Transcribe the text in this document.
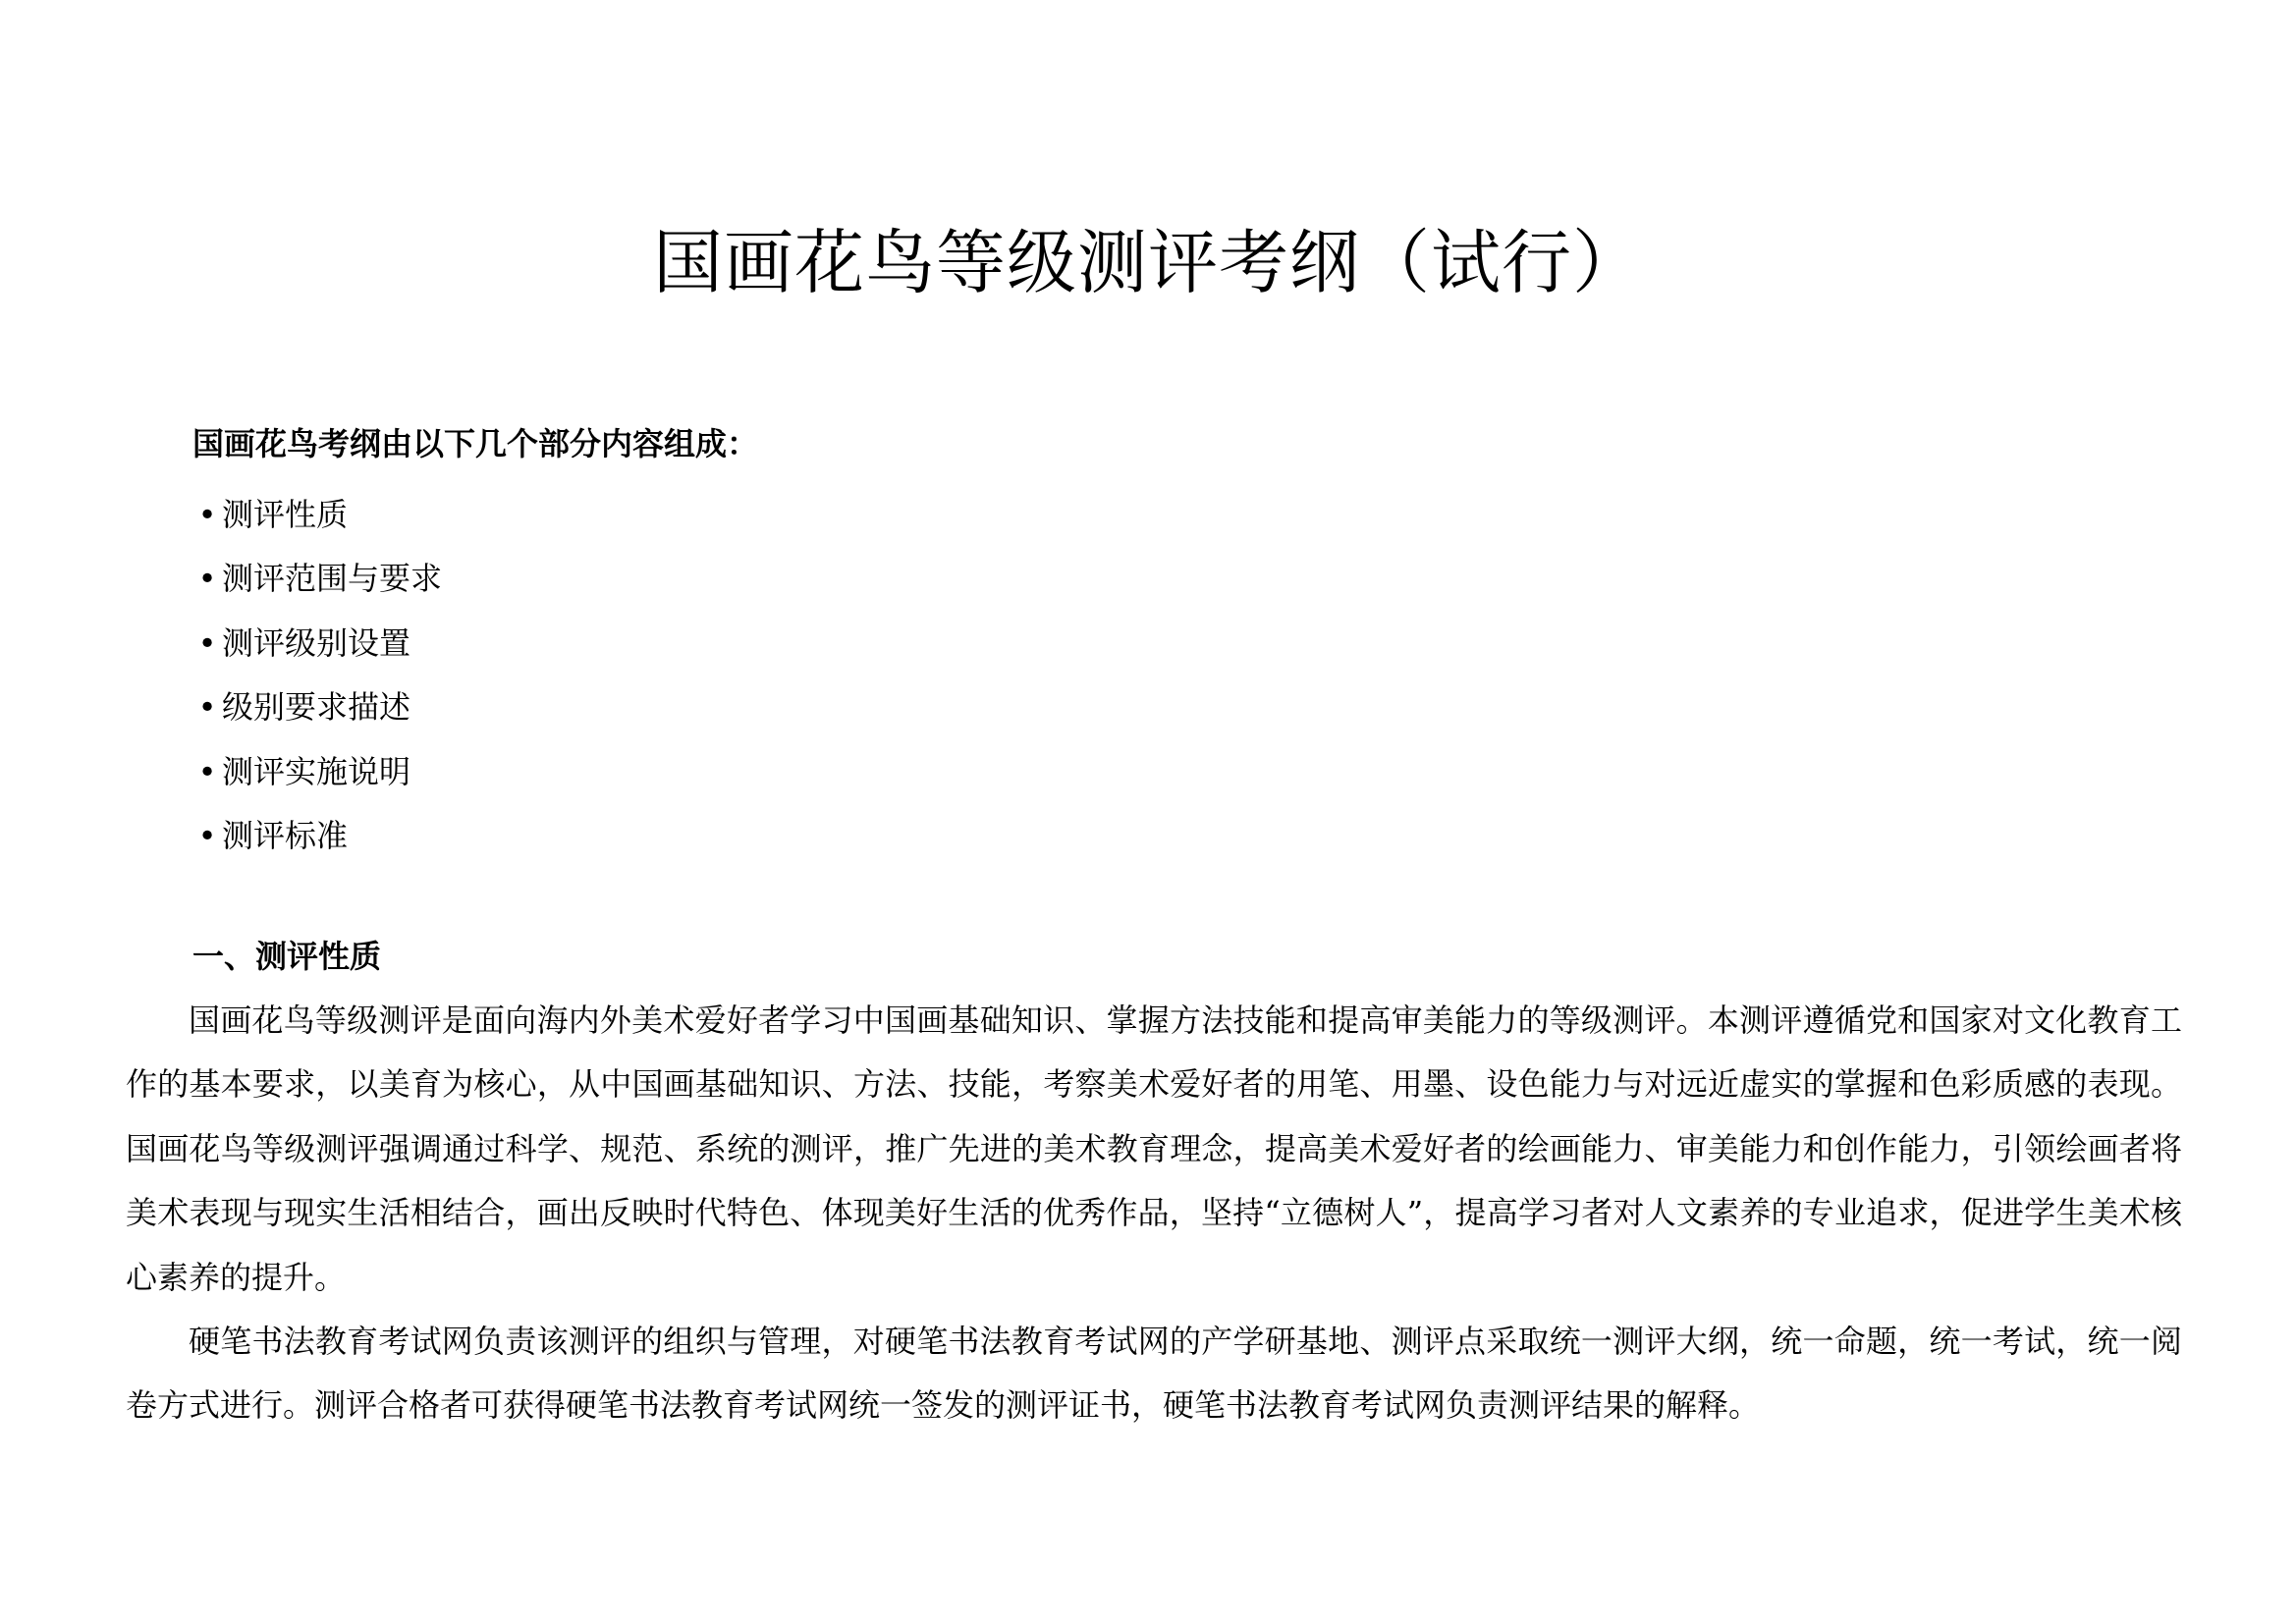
国画花鸟等级测评考纲（试行）

国画花鸟考纲由以下几个部分内容组成：

• 测评性质
• 测评范围与要求
• 测评级别设置
• 级别要求描述
• 测评实施说明
• 测评标准
一、测评性质

国画花鸟等级测评是面向海内外美术爱好者学习中国画基础知识、掌握方法技能和提高审美能力的等级测评。本测评遵循党和国家对文化教育工作的基本要求，以美育为核心，从中国画基础知识、方法、技能，考察美术爱好者的用笔、用墨、设色能力与对远近虚实的掌握和色彩质感的表现。国画花鸟等级测评强调通过科学、规范、系统的测评，推广先进的美术教育理念，提高美术爱好者的绘画能力、审美能力和创作能力，引领绘画者将美术表现与现实生活相结合，画出反映时代特色、体现美好生活的优秀作品，坚持“立德树人”，提高学习者对人文素养的专业追求，促进学生美术核心素养的提升。

硬笔书法教育考试网负责该测评的组织与管理，对硬笔书法教育考试网的产学研基地、测评点采取统一测评大纲，统一命题，统一考试，统一阅卷方式进行。测评合格者可获得硬笔书法教育考试网统一签发的测评证书，硬笔书法教育考试网负责测评结果的解释。
